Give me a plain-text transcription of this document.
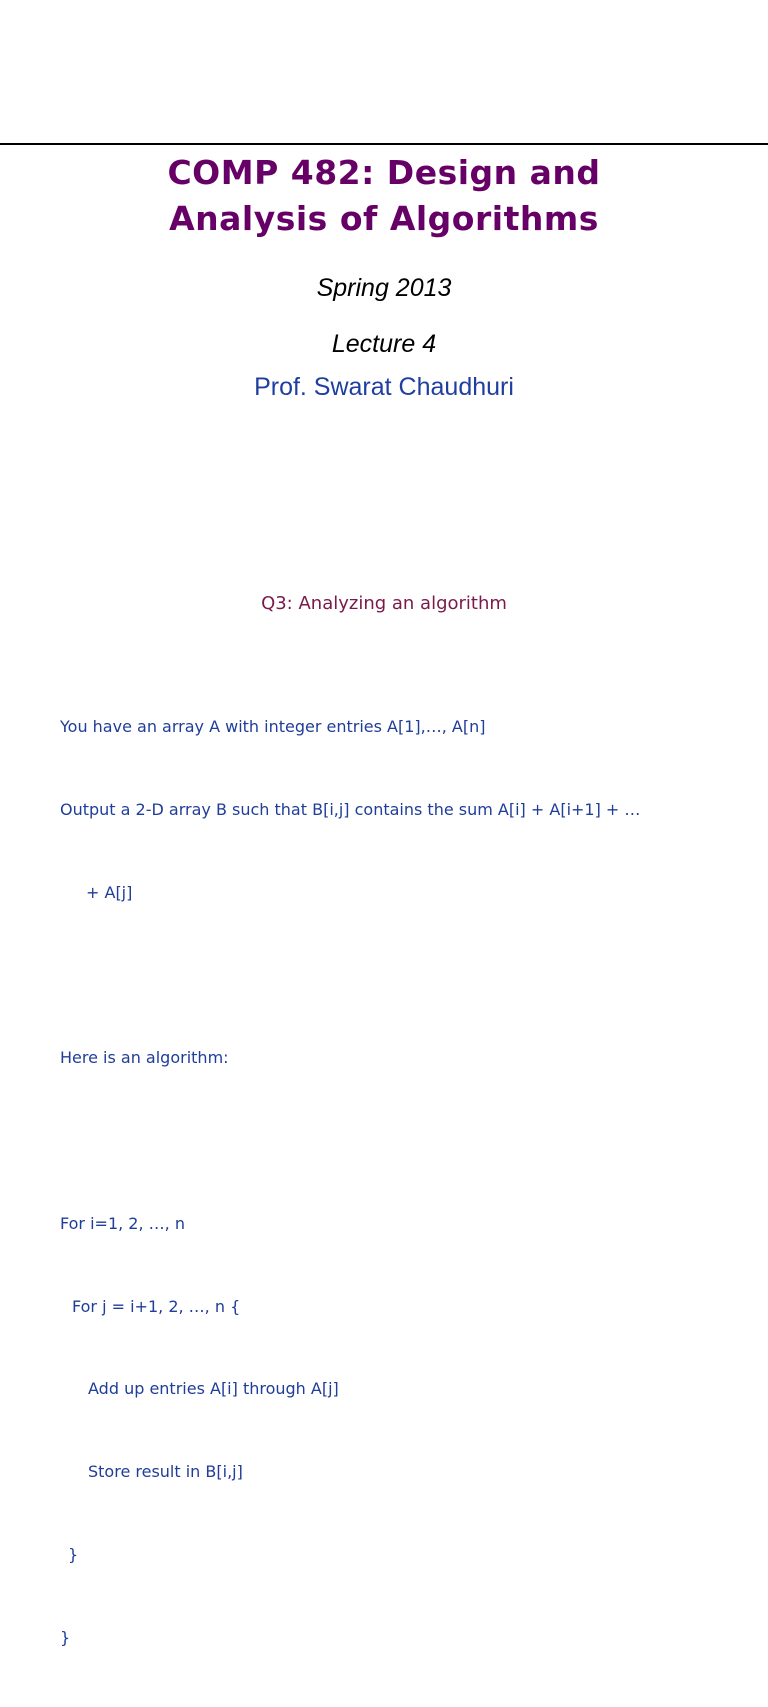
COMP 482: Design and
Analysis of Algorithms
Spring 2013
Lecture 4
Prof. Swarat Chaudhuri
Q3: Analyzing an algorithm

You have an array A with integer entries A[1],…, A[n]

Output a 2-D array B such that B[i,j] contains the sum A[i] + A[i+1] + …

+ A[j]

Here is an algorithm:

For i=1, 2, …, n

For j = i+1, 2, …, n {

Add up entries A[i] through A[j]

Store result in B[i,j]

}

}
